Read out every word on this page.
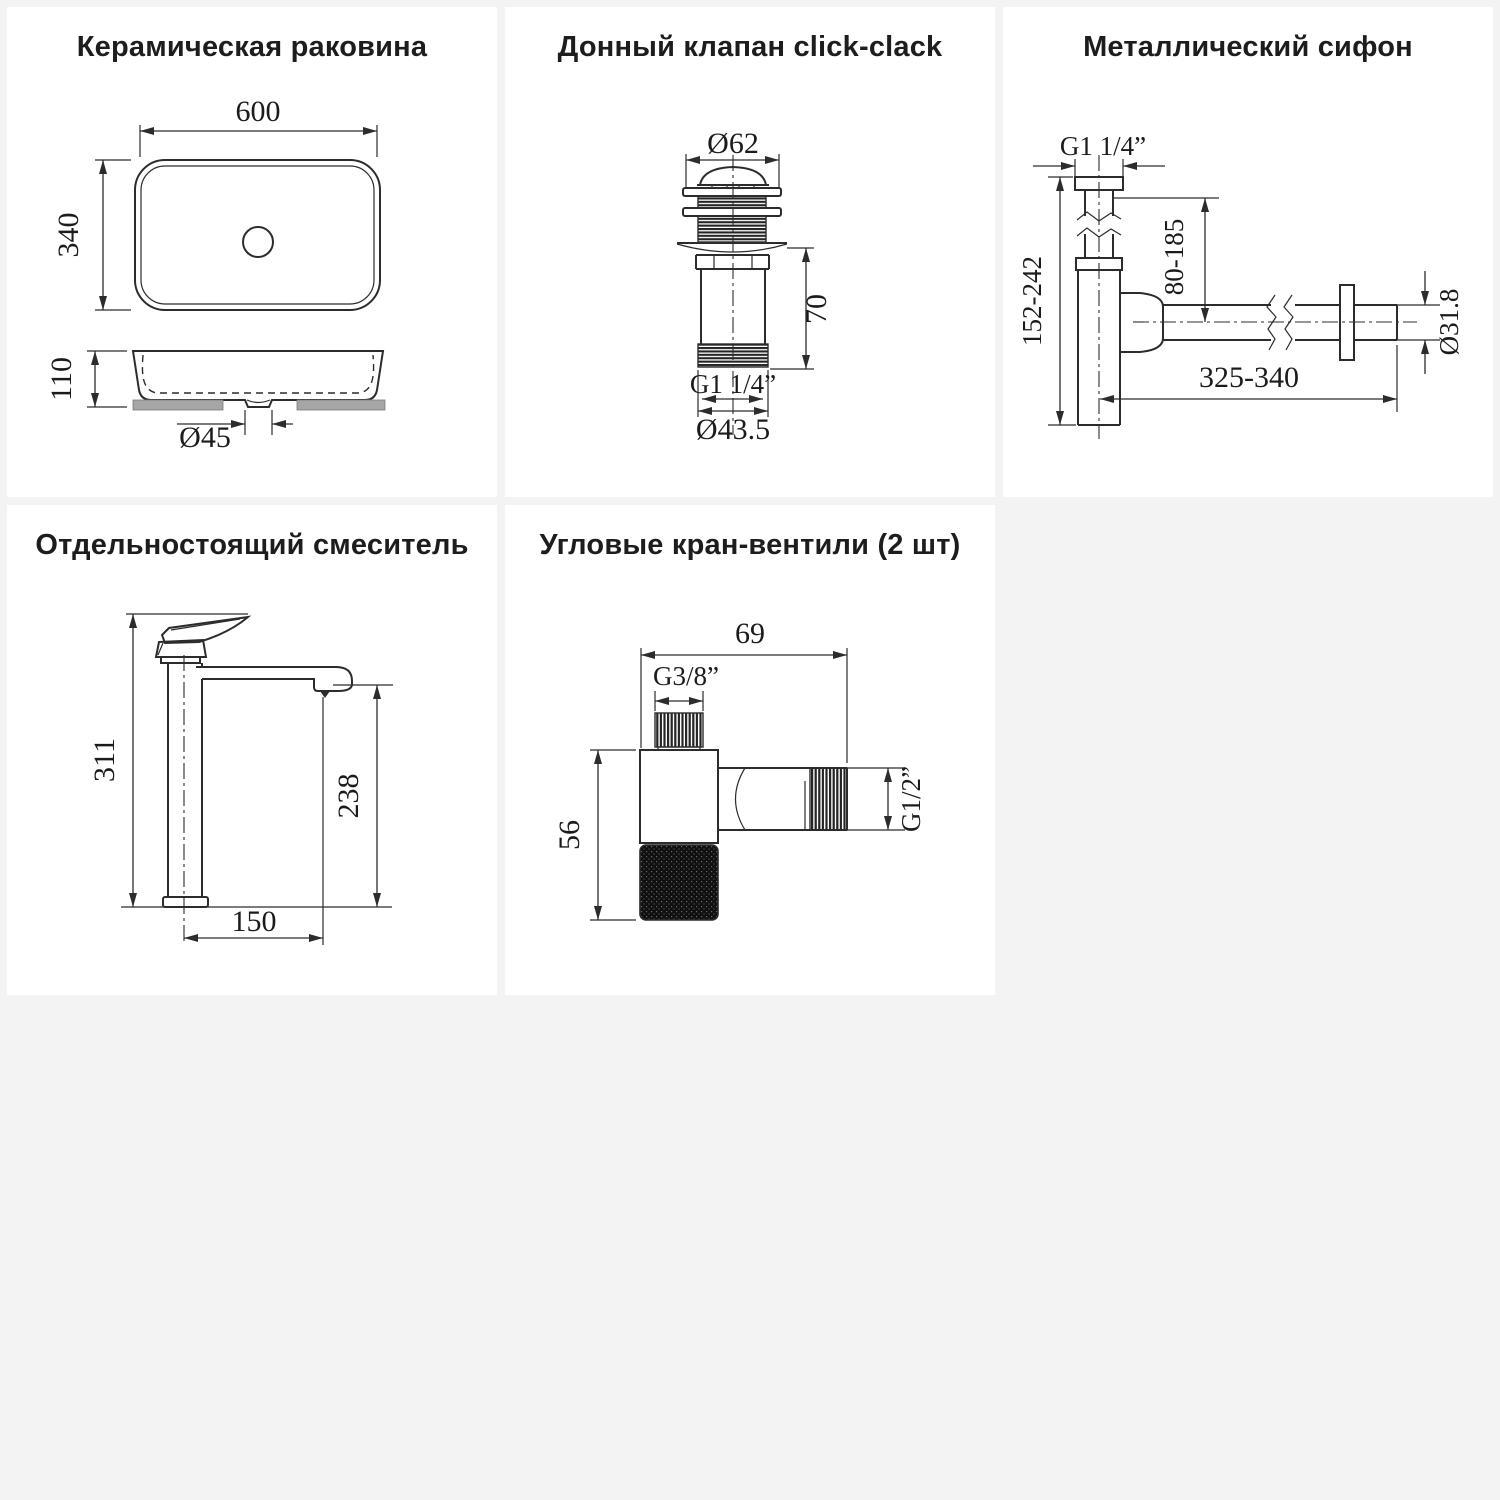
Керамическая раковина
600
340
110
Ø45
Донный клапан click-clack
Ø62
70
G1 1/4”
Ø43.5
Металлический сифон
G1 1/4”
152-242	80-185
Ø31.8
325-340
Отдельностоящий смеситель
311
238
150
Угловые кран-вентили (2 шт)
69
G3/8”
56
G1/2”
